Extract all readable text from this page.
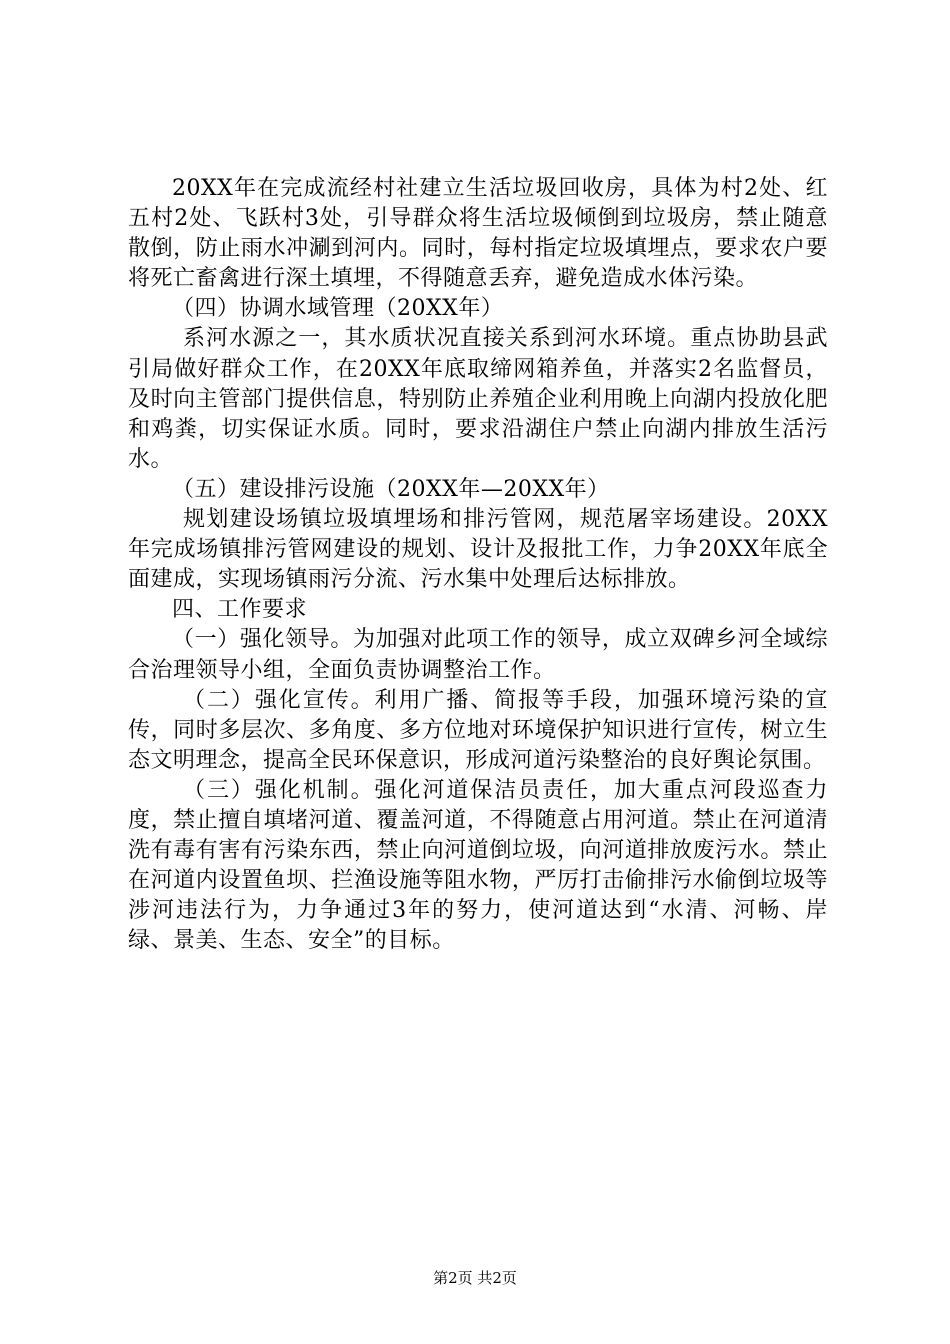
20XX年在完成流经村社建立生活垃圾回收房，具体为村2处、红五村2处、飞跃村3处，引导群众将生活垃圾倾倒到垃圾房，禁止随意散倒，防止雨水冲涮到河内。同时，每村指定垃圾填埋点，要求农户要将死亡畜禽进行深土填埋，不得随意丢弃，避免造成水体污染。

（四）协调水域管理（20XX年）

系河水源之一，其水质状况直接关系到河水环境。重点协助县武引局做好群众工作，在20XX年底取缔网箱养鱼，并落实2名监督员，及时向主管部门提供信息，特别防止养殖企业利用晚上向湖内投放化肥和鸡粪，切实保证水质。同时，要求沿湖住户禁止向湖内排放生活污水。

（五）建设排污设施（20XX年—20XX年）

规划建设场镇垃圾填埋场和排污管网，规范屠宰场建设。20XX年完成场镇排污管网建设的规划、设计及报批工作，力争20XX年底全面建成，实现场镇雨污分流、污水集中处理后达标排放。

四、工作要求

（一）强化领导。为加强对此项工作的领导，成立双碑乡河全域综合治理领导小组，全面负责协调整治工作。

（二）强化宣传。利用广播、简报等手段，加强环境污染的宣传，同时多层次、多角度、多方位地对环境保护知识进行宣传，树立生态文明理念，提高全民环保意识，形成河道污染整治的良好舆论氛围。

（三）强化机制。强化河道保洁员责任，加大重点河段巡查力度，禁止擅自填堵河道、覆盖河道，不得随意占用河道。禁止在河道清洗有毒有害有污染东西，禁止向河道倒垃圾，向河道排放废污水。禁止在河道内设置鱼坝、拦渔设施等阻水物，严厉打击偷排污水偷倒垃圾等涉河违法行为，力争通过3年的努力，使河道达到“水清、河畅、岸绿、景美、生态、安全”的目标。

第2页 共2页
